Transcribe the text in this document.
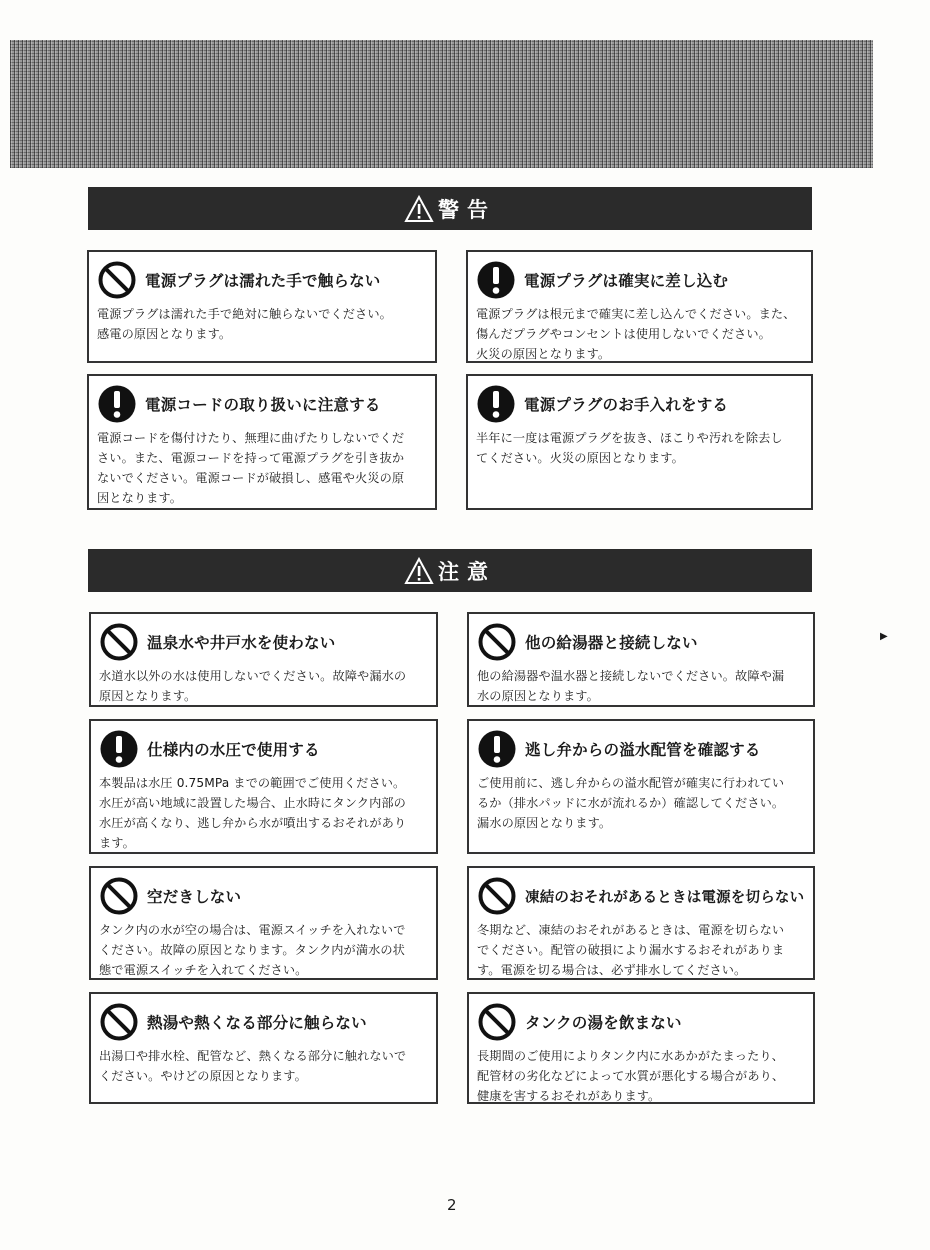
警告
電源プラグは濡れた手で触らない
電源プラグは濡れた手で絶対に触らないでください。
感電の原因となります。
電源プラグは確実に差し込む
電源プラグは根元まで確実に差し込んでください。また、
傷んだプラグやコンセントは使用しないでください。
火災の原因となります。
電源コードの取り扱いに注意する
電源コードを傷付けたり、無理に曲げたりしないでくだ
さい。また、電源コードを持って電源プラグを引き抜か
ないでください。電源コードが破損し、感電や火災の原
因となります。
電源プラグのお手入れをする
半年に一度は電源プラグを抜き、ほこりや汚れを除去し
てください。火災の原因となります。
注意
温泉水や井戸水を使わない
水道水以外の水は使用しないでください。故障や漏水の
原因となります。
他の給湯器と接続しない
他の給湯器や温水器と接続しないでください。故障や漏
水の原因となります。
仕様内の水圧で使用する
本製品は水圧 0.75MPa までの範囲でご使用ください。
水圧が高い地域に設置した場合、止水時にタンク内部の
水圧が高くなり、逃し弁から水が噴出するおそれがあり
ます。
逃し弁からの溢水配管を確認する
ご使用前に、逃し弁からの溢水配管が確実に行われてい
るか（排水パッドに水が流れるか）確認してください。
漏水の原因となります。
空だきしない
タンク内の水が空の場合は、電源スイッチを入れないで
ください。故障の原因となります。タンク内が満水の状
態で電源スイッチを入れてください。
凍結のおそれがあるときは電源を切らない
冬期など、凍結のおそれがあるときは、電源を切らない
でください。配管の破損により漏水するおそれがありま
す。電源を切る場合は、必ず排水してください。
熱湯や熱くなる部分に触らない
出湯口や排水栓、配管など、熱くなる部分に触れないで
ください。やけどの原因となります。
タンクの湯を飲まない
長期間のご使用によりタンク内に水あかがたまったり、
配管材の劣化などによって水質が悪化する場合があり、
健康を害するおそれがあります。
▶
2
